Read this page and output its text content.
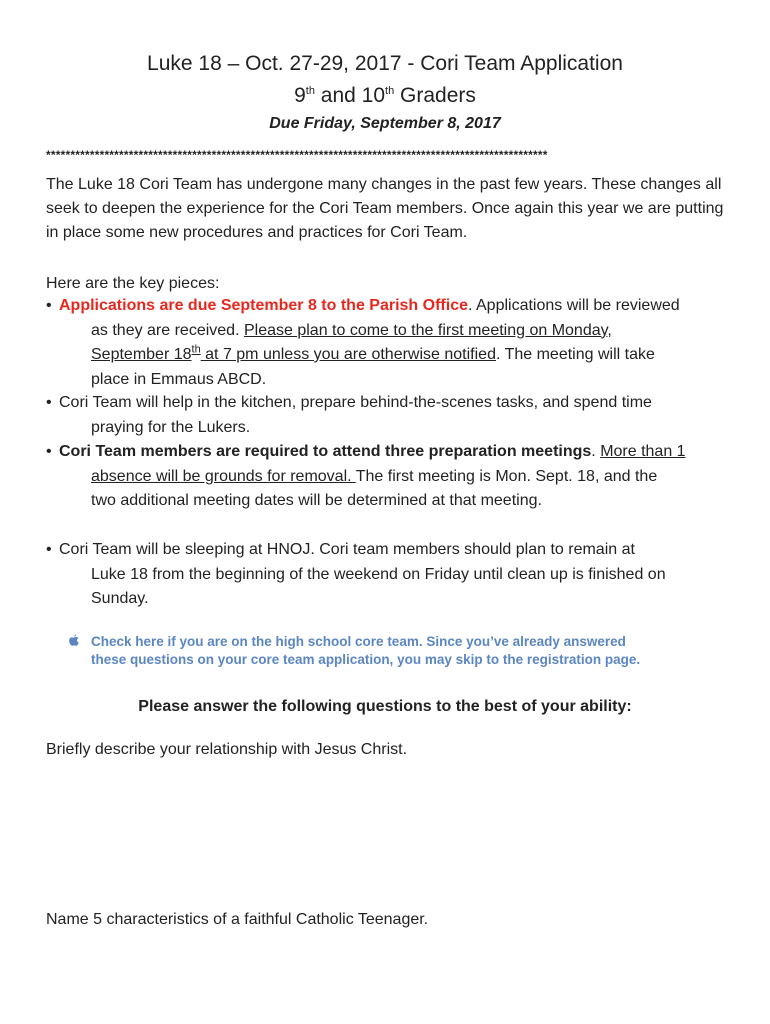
Luke 18 – Oct. 27-29, 2017 - Cori Team Application
9th and 10th Graders
Due Friday, September 8, 2017
*******************************************************************************************************
The Luke 18 Cori Team has undergone many changes in the past few years. These changes all seek to deepen the experience for the Cori Team members. Once again this year we are putting in place some new procedures and practices for Cori Team.
Here are the key pieces:
• Applications are due September 8 to the Parish Office. Applications will be reviewed
as they are received. Please plan to come to the first meeting on Monday,
September 18th at 7 pm unless you are otherwise notified. The meeting will take
place in Emmaus ABCD.
• Cori Team will help in the kitchen, prepare behind-the-scenes tasks, and spend time
praying for the Lukers.
• Cori Team members are required to attend three preparation meetings. More than 1
absence will be grounds for removal. The first meeting is Mon. Sept. 18, and the
two additional meeting dates will be determined at that meeting.
• Cori Team will be sleeping at HNOJ. Cori team members should plan to remain at
Luke 18 from the beginning of the weekend on Friday until clean up is finished on
Sunday.
Check here if you are on the high school core team. Since you’ve already answered
these questions on your core team application, you may skip to the registration page.
Please answer the following questions to the best of your ability:
Briefly describe your relationship with Jesus Christ.
Name 5 characteristics of a faithful Catholic Teenager.
